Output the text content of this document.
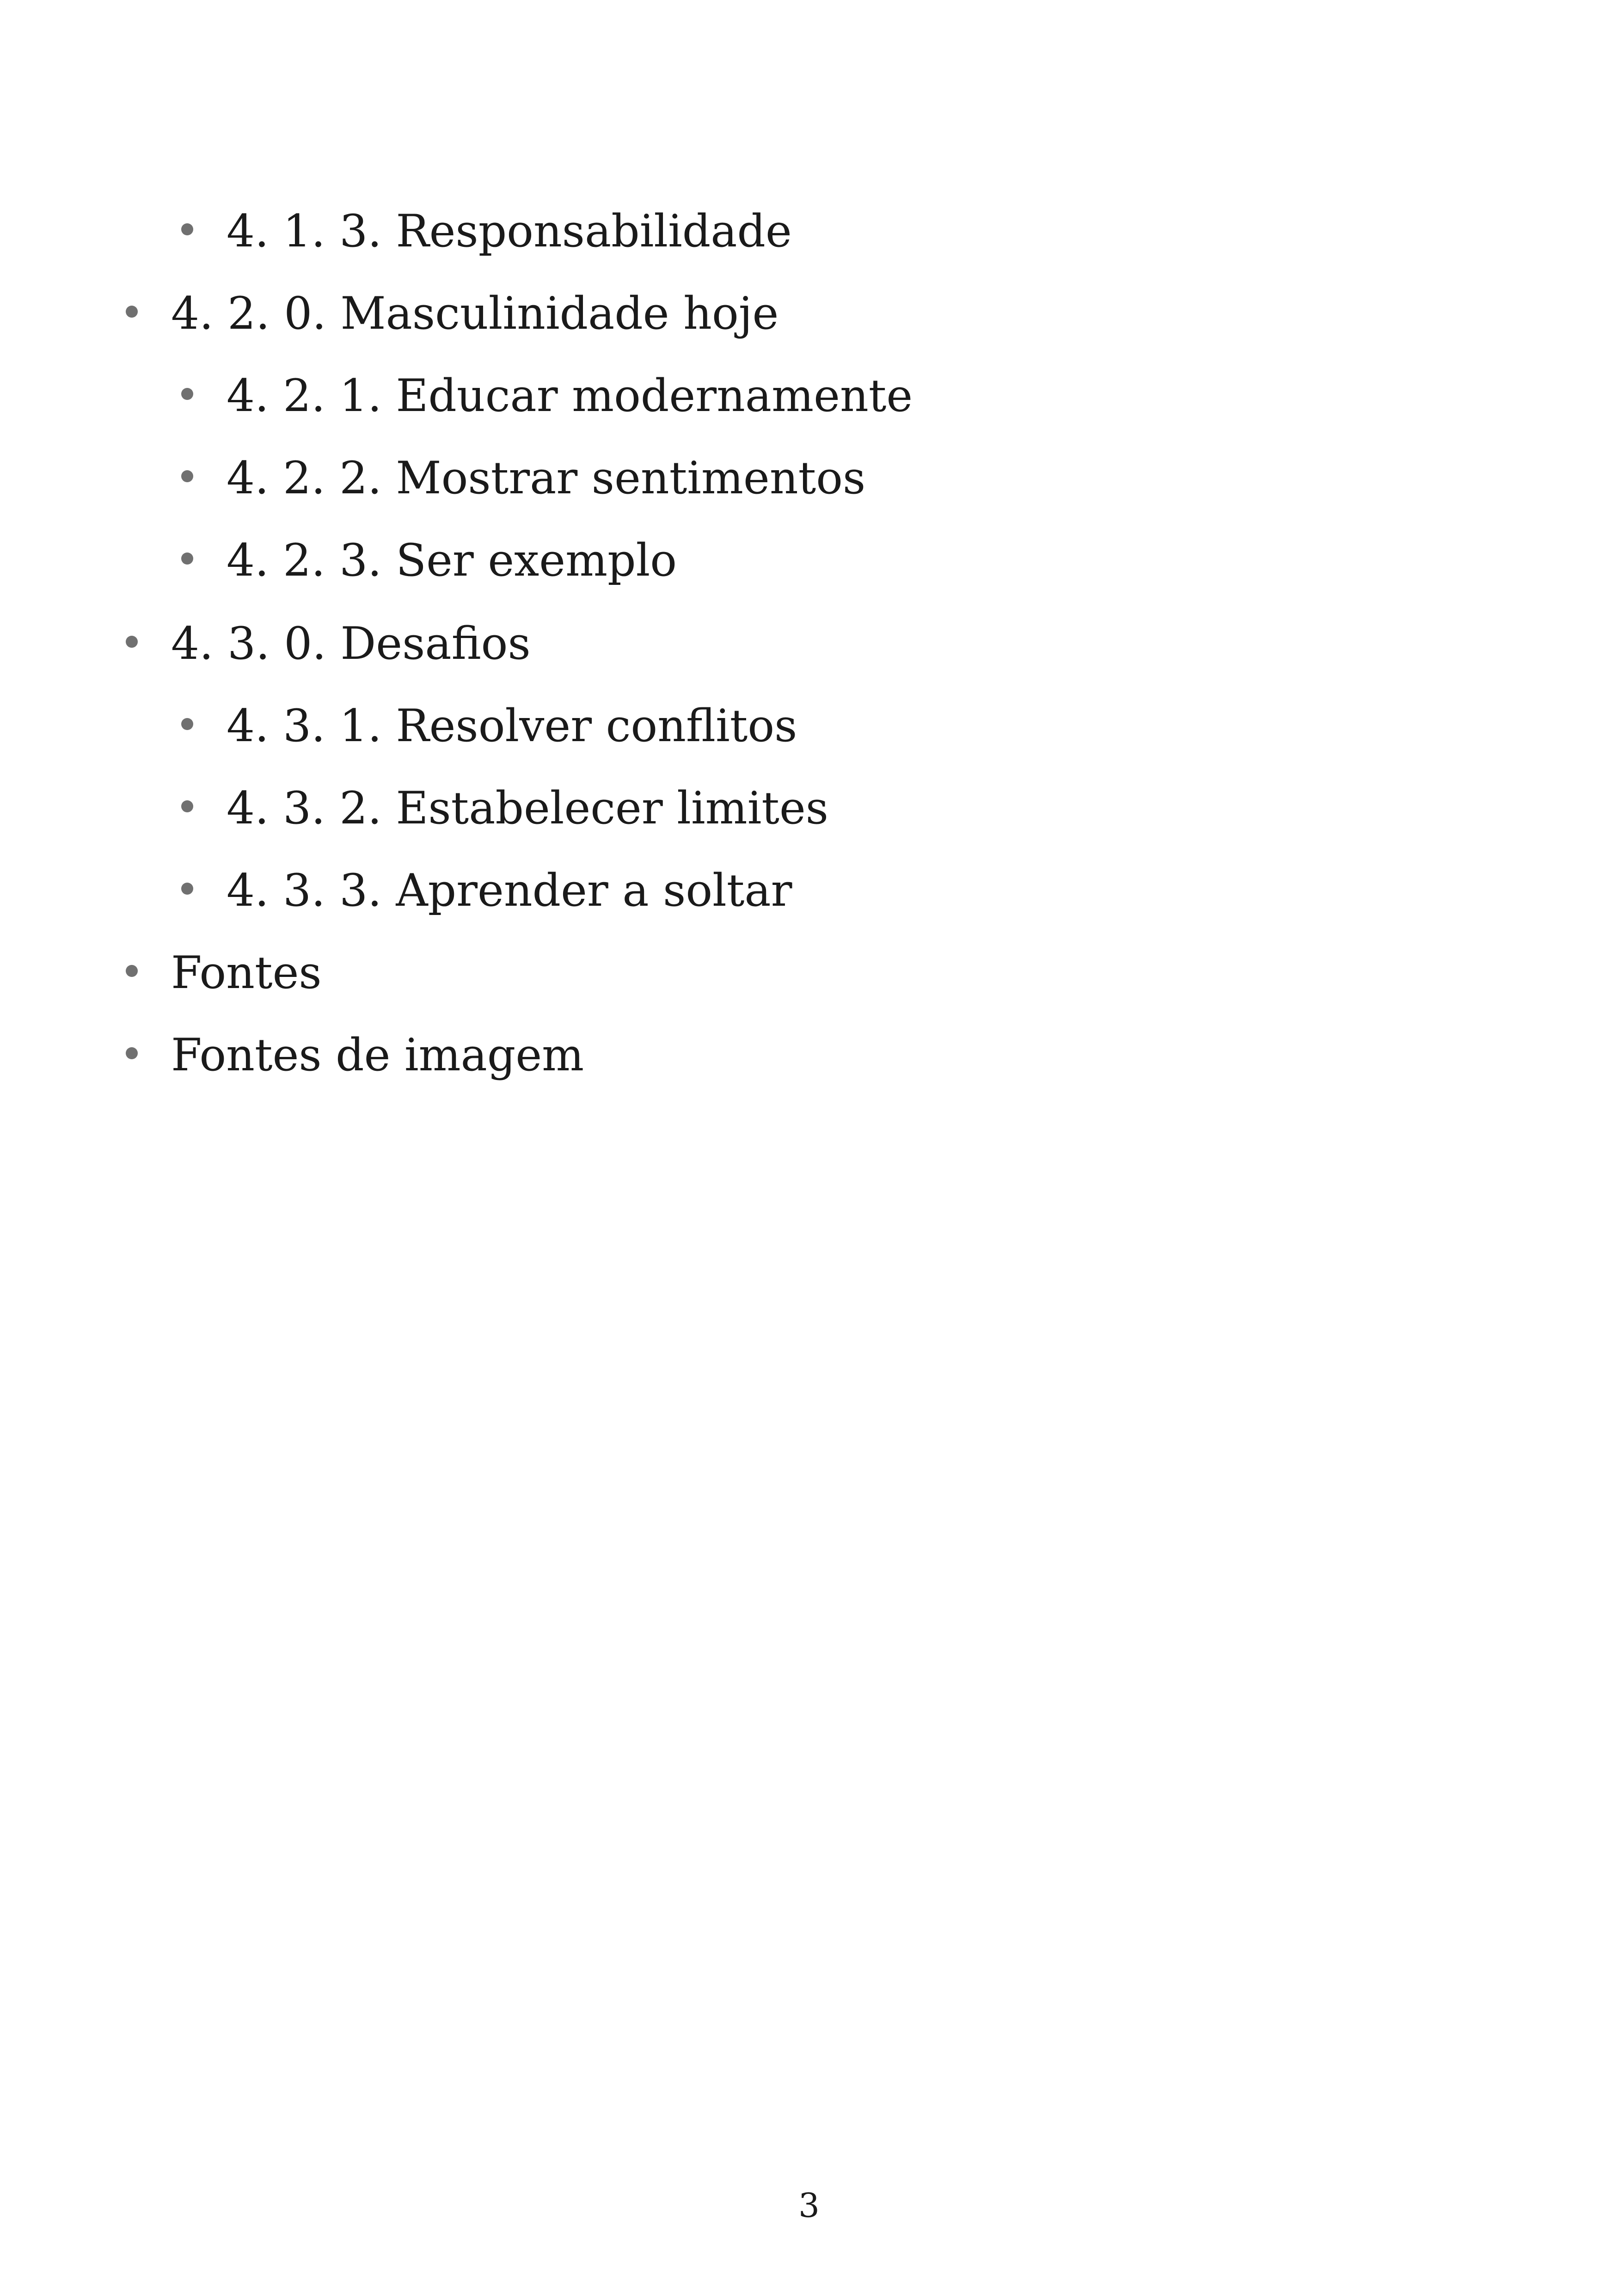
4. 1. 3. Responsabilidade
4. 2. 0. Masculinidade hoje
4. 2. 1. Educar modernamente
4. 2. 2. Mostrar sentimentos
4. 2. 3. Ser exemplo
4. 3. 0. Desafios
4. 3. 1. Resolver conflitos
4. 3. 2. Estabelecer limites
4. 3. 3. Aprender a soltar
Fontes
Fontes de imagem
3
